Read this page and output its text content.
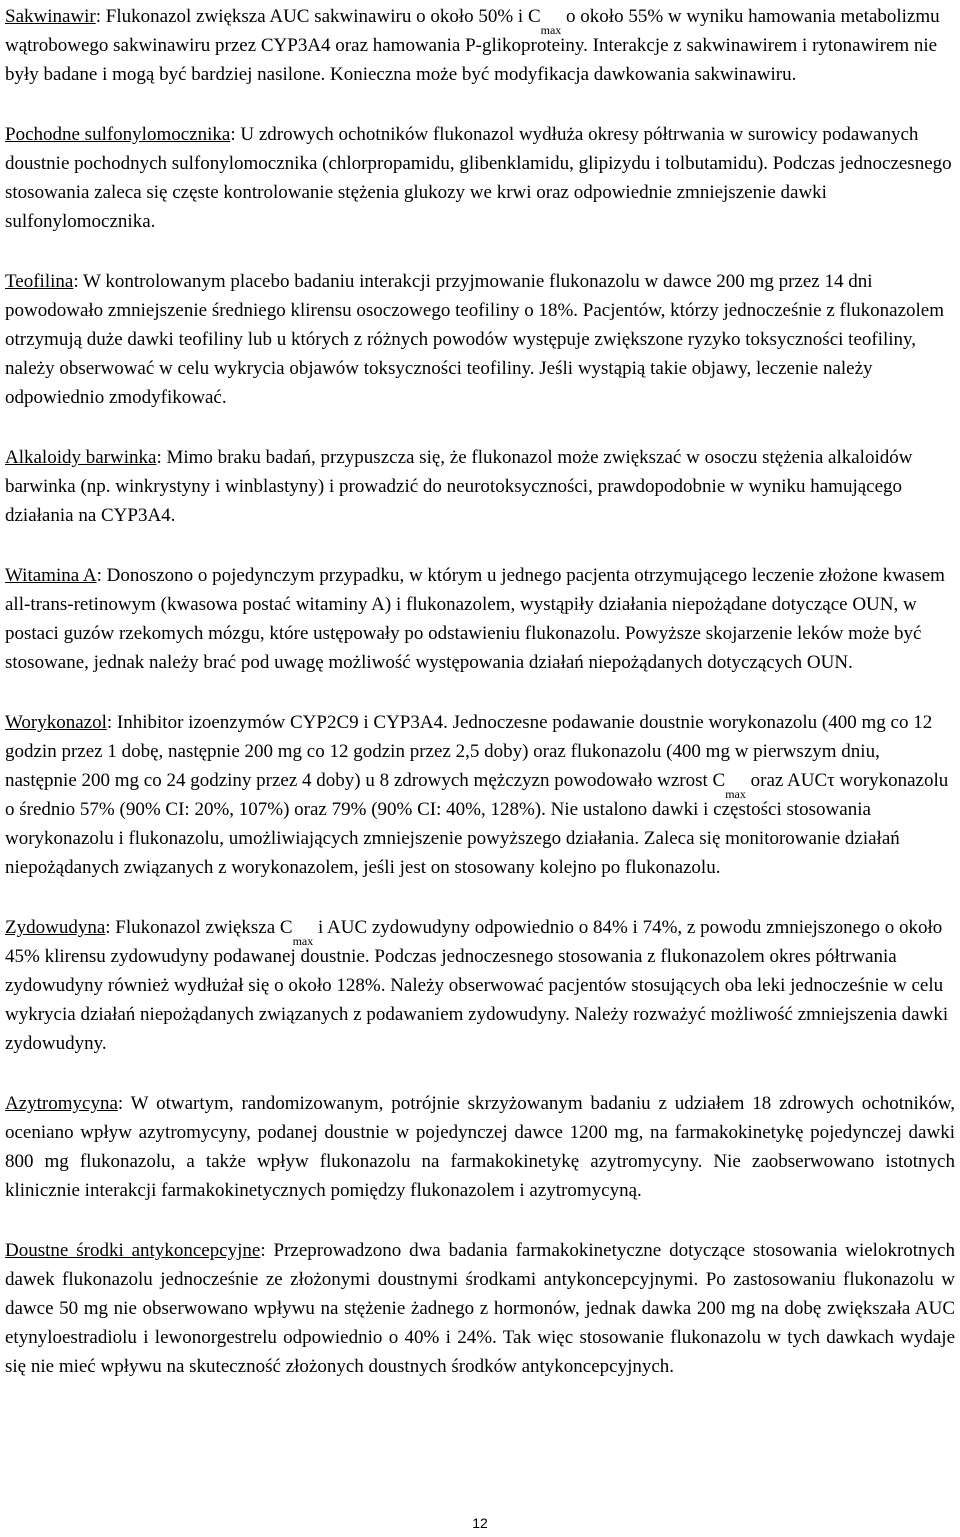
Sakwinawir: Flukonazol zwiększa AUC sakwinawiru o około 50% i $C_{max}$ o około 55% w wyniku hamowania metabolizmu wątrobowego sakwinawiru przez CYP3A4 oraz hamowania P-glikoproteiny. Interakcje z sakwinawirem i rytonawirem nie były badane i mogą być bardziej nasilone. Konieczna może być modyfikacja dawkowania sakwinawiru.

Pochodne sulfonylomocznika: U zdrowych ochotników flukonazol wydłuża okresy półtrwania w surowicy podawanych doustnie pochodnych sulfonylomocznika (chlorpropamidu, glibenklamidu, glipizydu i tolbutamidu). Podczas jednoczesnego stosowania zaleca się częste kontrolowanie stężenia glukozy we krwi oraz odpowiednie zmniejszenie dawki sulfonylomocznika.

Teofilina: W kontrolowanym placebo badaniu interakcji przyjmowanie flukonazolu w dawce 200 mg przez 14 dni powodowało zmniejszenie średniego klirensu osoczowego teofiliny o 18%. Pacjentów, którzy jednocześnie z flukonazolem otrzymują duże dawki teofiliny lub u których z różnych powodów występuje zwiększone ryzyko toksyczności teofiliny, należy obserwować w celu wykrycia objawów toksyczności teofiliny. Jeśli wystąpią takie objawy, leczenie należy odpowiednio zmodyfikować.

Alkaloidy barwinka: Mimo braku badań, przypuszcza się, że flukonazol może zwiększać w osoczu stężenia alkaloidów barwinka (np. winkrystyny i winblastyny) i prowadzić do neurotoksyczności, prawdopodobnie w wyniku hamującego działania na CYP3A4.

Witamina A: Donoszono o pojedynczym przypadku, w którym u jednego pacjenta otrzymującego leczenie złożone kwasem all-trans-retinowym (kwasowa postać witaminy A) i flukonazolem, wystąpiły działania niepożądane dotyczące OUN, w postaci guzów rzekomych mózgu, które ustępowały po odstawieniu flukonazolu. Powyższe skojarzenie leków może być stosowane, jednak należy brać pod uwagę możliwość występowania działań niepożądanych dotyczących OUN.

Worykonazol: Inhibitor izoenzymów CYP2C9 i CYP3A4. Jednoczesne podawanie doustnie worykonazolu (400 mg co 12 godzin przez 1 dobę, następnie 200 mg co 12 godzin przez 2,5 doby) oraz flukonazolu (400 mg w pierwszym dniu, następnie 200 mg co 24 godziny przez 4 doby) u 8 zdrowych mężczyzn powodowało wzrost $C_{max}$ oraz AUCτ worykonazolu o średnio 57% (90% CI: 20%, 107%) oraz 79% (90% CI: 40%, 128%). Nie ustalono dawki i częstości stosowania worykonazolu i flukonazolu, umożliwiających zmniejszenie powyższego działania. Zaleca się monitorowanie działań niepożądanych związanych z worykonazolem, jeśli jest on stosowany kolejno po flukonazolu.

Zydowudyna: Flukonazol zwiększa $C_{max}$ i AUC zydowudyny odpowiednio o 84% i 74%, z powodu zmniejszonego o około 45% klirensu zydowudyny podawanej doustnie. Podczas jednoczesnego stosowania z flukonazolem okres półtrwania zydowudyny również wydłużał się o około 128%. Należy obserwować pacjentów stosujących oba leki jednocześnie w celu wykrycia działań niepożądanych związanych z podawaniem zydowudyny. Należy rozważyć możliwość zmniejszenia dawki zydowudyny.

Azytromycyna: W otwartym, randomizowanym, potrójnie skrzyżowanym badaniu z udziałem 18 zdrowych ochotników, oceniano wpływ azytromycyny, podanej doustnie w pojedynczej dawce 1200 mg, na farmakokinetykę pojedynczej dawki 800 mg flukonazolu, a także wpływ flukonazolu na farmakokinetykę azytromycyny. Nie zaobserwowano istotnych klinicznie interakcji farmakokinetycznych pomiędzy flukonazolem i azytromycyną.

Doustne środki antykoncepcyjne: Przeprowadzono dwa badania farmakokinetyczne dotyczące stosowania wielokrotnych dawek flukonazolu jednocześnie ze złożonymi doustnymi środkami antykoncepcyjnymi. Po zastosowaniu flukonazolu w dawce 50 mg nie obserwowano wpływu na stężenie żadnego z hormonów, jednak dawka 200 mg na dobę zwiększała AUC etynyloestradiolu i lewonorgestrelu odpowiednio o 40% i 24%. Tak więc stosowanie flukonazolu w tych dawkach wydaje się nie mieć wpływu na skuteczność złożonych doustnych środków antykoncepcyjnych.

12
